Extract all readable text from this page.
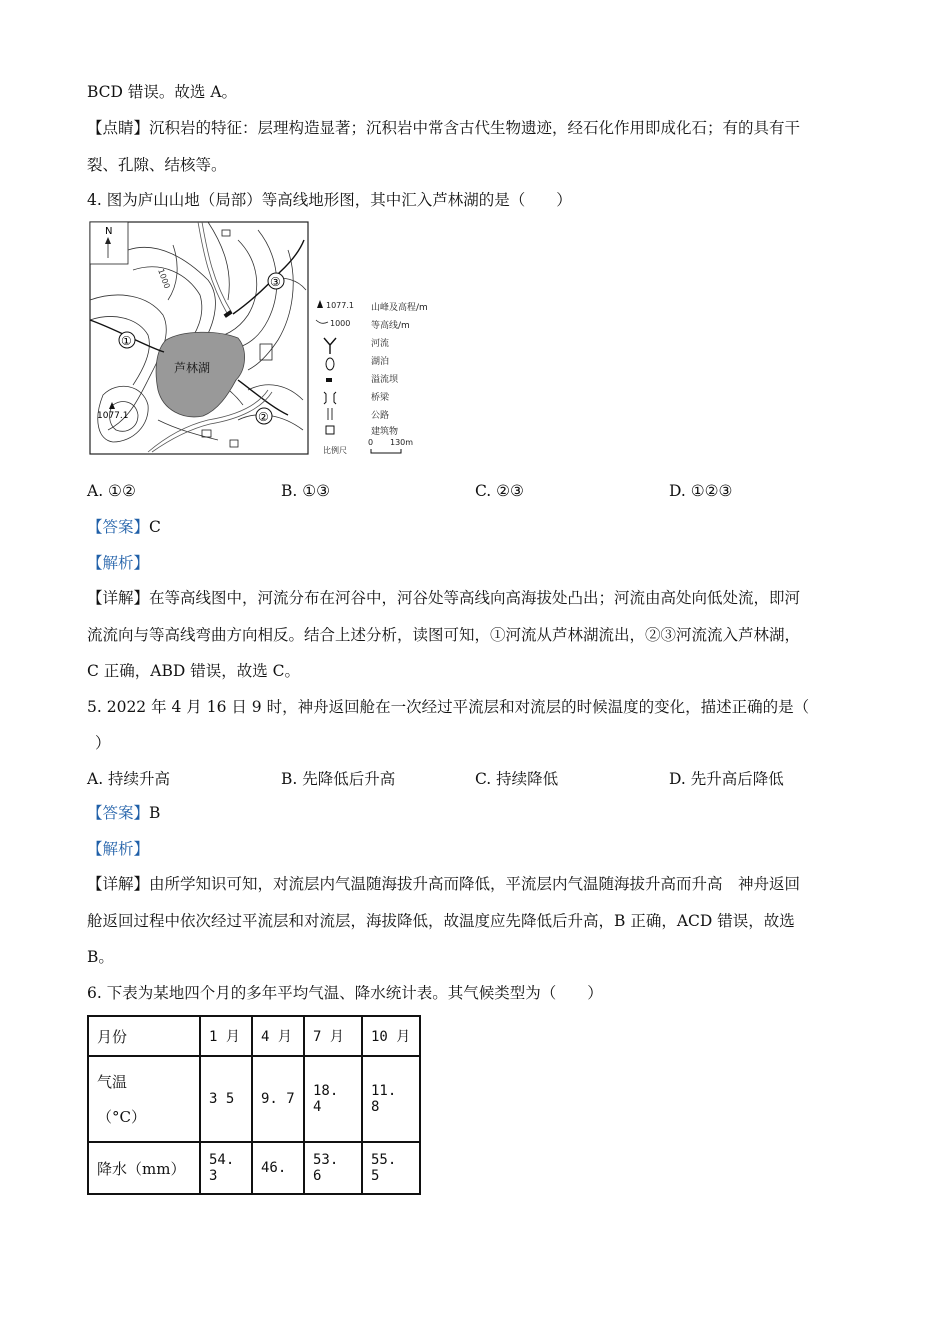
BCD 错误。故选 A。
【点睛】沉积岩的特征：层理构造显著；沉积岩中常含古代生物遗迹，经石化作用即成化石；有的具有干
裂、孔隙、结核等。
4. 图为庐山山地（局部）等高线地形图，其中汇入芦林湖的是（　　）
N
1000
芦林湖
①
②
③
1077.1
1077.1 山峰及高程/m
1000 等高线/m
河流
湖泊
溢流坝
桥梁
公路
建筑物
比例尺
0 130m
A. ①②	B. ①③	C. ②③	D. ①②③
【答案】C
【解析】
【详解】在等高线图中，河流分布在河谷中，河谷处等高线向高海拔处凸出；河流由高处向低处流，即河
流流向与等高线弯曲方向相反。结合上述分析，读图可知，①河流从芦林湖流出，②③河流流入芦林湖，
C 正确，ABD 错误，故选 C。
5. 2022 年 4 月 16 日 9 时，神舟返回舱在一次经过平流层和对流层的时候温度的变化，描述正确的是（
）
A. 持续升高	B. 先降低后升高	C. 持续降低	D. 先升高后降低
【答案】B
【解析】
【详解】由所学知识可知，对流层内气温随海拔升高而降低，平流层内气温随海拔升高而升高　神舟返回
舱返回过程中依次经过平流层和对流层，海拔降低，故温度应先降低后升高，B 正确，ACD 错误，故选
B。
6. 下表为某地四个月的多年平均气温、降水统计表。其气候类型为（　　）
月份	1 月	4 月	7 月	10 月

气温
（°C）	3 5	9. 7	18. 4	11. 8
降水（mm）	54. 3	46.	53. 6	55. 5
